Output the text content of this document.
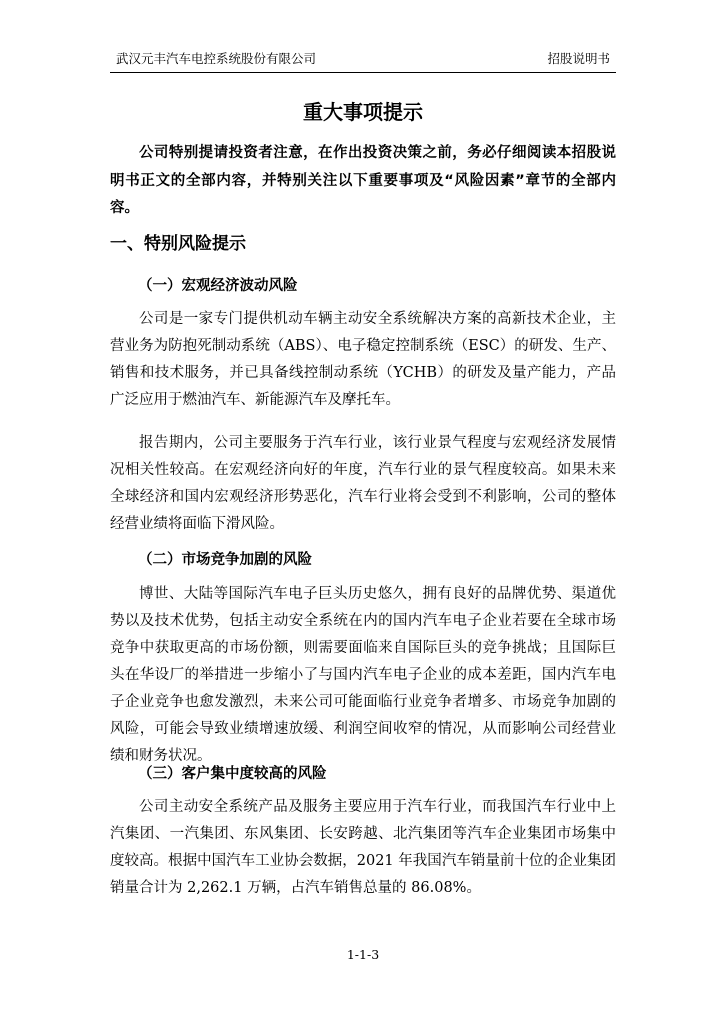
武汉元丰汽车电控系统股份有限公司	招股说明书
重大事项提示

公司特别提请投资者注意，在作出投资决策之前，务必仔细阅读本招股说明书正文的全部内容，并特别关注以下重要事项及“风险因素”章节的全部内容。

一、特别风险提示
（一）宏观经济波动风险

公司是一家专门提供机动车辆主动安全系统解决方案的高新技术企业，主营业务为防抱死制动系统（ABS）、电子稳定控制系统（ESC）的研发、生产、销售和技术服务，并已具备线控制动系统（YCHB）的研发及量产能力，产品广泛应用于燃油汽车、新能源汽车及摩托车。

报告期内，公司主要服务于汽车行业，该行业景气程度与宏观经济发展情况相关性较高。在宏观经济向好的年度，汽车行业的景气程度较高。如果未来全球经济和国内宏观经济形势恶化，汽车行业将会受到不利影响，公司的整体经营业绩将面临下滑风险。

（二）市场竞争加剧的风险

博世、大陆等国际汽车电子巨头历史悠久，拥有良好的品牌优势、渠道优势以及技术优势，包括主动安全系统在内的国内汽车电子企业若要在全球市场竞争中获取更高的市场份额，则需要面临来自国际巨头的竞争挑战；且国际巨头在华设厂的举措进一步缩小了与国内汽车电子企业的成本差距，国内汽车电子企业竞争也愈发激烈，未来公司可能面临行业竞争者增多、市场竞争加剧的风险，可能会导致业绩增速放缓、利润空间收窄的情况，从而影响公司经营业绩和财务状况。

（三）客户集中度较高的风险

公司主动安全系统产品及服务主要应用于汽车行业，而我国汽车行业中上汽集团、一汽集团、东风集团、长安跨越、北汽集团等汽车企业集团市场集中度较高。根据中国汽车工业协会数据，2021 年我国汽车销量前十位的企业集团销量合计为 2,262.1 万辆，占汽车销售总量的 86.08%。

1-1-3
